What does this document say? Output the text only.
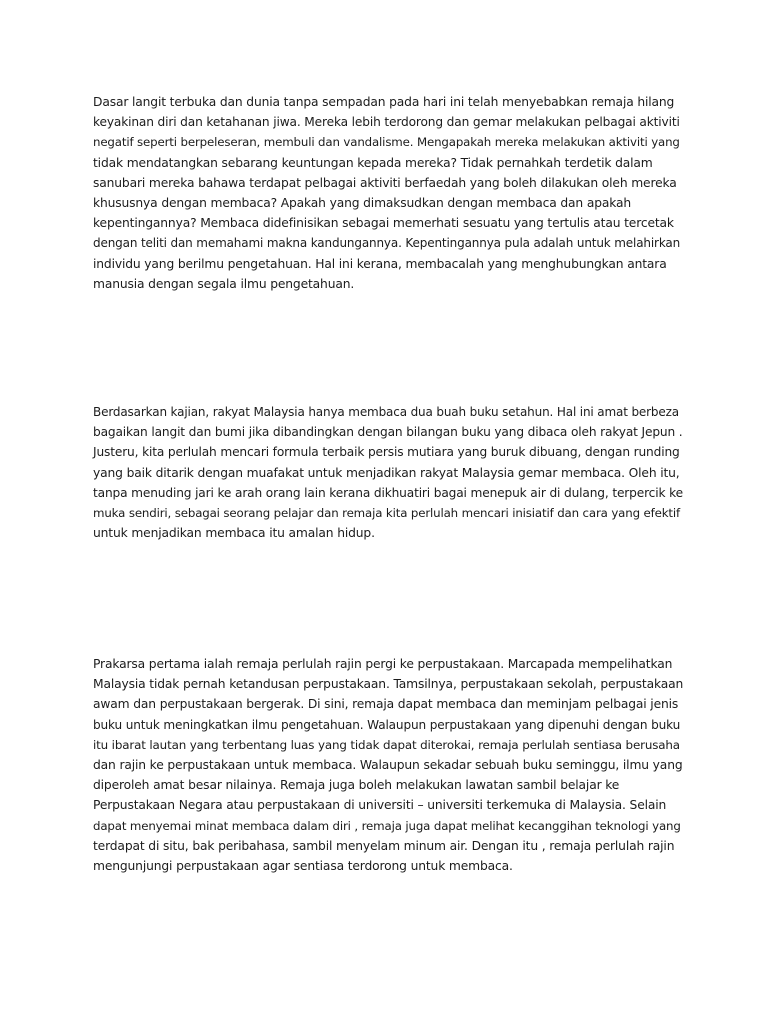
Dasar langit terbuka dan dunia tanpa sempadan pada hari ini telah menyebabkan remaja hilang
keyakinan diri dan ketahanan jiwa. Mereka lebih terdorong dan gemar melakukan pelbagai aktiviti
negatif seperti berpeleseran, membuli dan vandalisme. Mengapakah mereka melakukan aktiviti yang
tidak mendatangkan sebarang keuntungan kepada mereka? Tidak pernahkah terdetik dalam
sanubari mereka bahawa terdapat pelbagai aktiviti berfaedah yang boleh dilakukan oleh mereka
khususnya dengan membaca? Apakah yang dimaksudkan dengan membaca dan apakah
kepentingannya? Membaca didefinisikan sebagai memerhati sesuatu yang tertulis atau tercetak
dengan teliti dan memahami makna kandungannya. Kepentingannya pula adalah untuk melahirkan
individu yang berilmu pengetahuan. Hal ini kerana, membacalah yang menghubungkan antara
manusia dengan segala ilmu pengetahuan.

Berdasarkan kajian, rakyat Malaysia hanya membaca dua buah buku setahun. Hal ini amat berbeza
bagaikan langit dan bumi jika dibandingkan dengan bilangan buku yang dibaca oleh rakyat Jepun .
Justeru, kita perlulah mencari formula terbaik persis mutiara yang buruk dibuang, dengan runding
yang baik ditarik dengan muafakat untuk menjadikan rakyat Malaysia gemar membaca. Oleh itu,
tanpa menuding jari ke arah orang lain kerana dikhuatiri bagai menepuk air di dulang, terpercik ke
muka sendiri, sebagai seorang pelajar dan remaja kita perlulah mencari inisiatif dan cara yang efektif
untuk menjadikan membaca itu amalan hidup.

Prakarsa pertama ialah remaja perlulah rajin pergi ke perpustakaan. Marcapada mempelihatkan
Malaysia tidak pernah ketandusan perpustakaan. Tamsilnya, perpustakaan sekolah, perpustakaan
awam dan perpustakaan bergerak. Di sini, remaja dapat membaca dan meminjam pelbagai jenis
buku untuk meningkatkan ilmu pengetahuan. Walaupun perpustakaan yang dipenuhi dengan buku
itu ibarat lautan yang terbentang luas yang tidak dapat diterokai, remaja perlulah sentiasa berusaha
dan rajin ke perpustakaan untuk membaca. Walaupun sekadar sebuah buku seminggu, ilmu yang
diperoleh amat besar nilainya. Remaja juga boleh melakukan lawatan sambil belajar ke
Perpustakaan Negara atau perpustakaan di universiti – universiti terkemuka di Malaysia. Selain
dapat menyemai minat membaca dalam diri , remaja juga dapat melihat kecanggihan teknologi yang
terdapat di situ, bak peribahasa, sambil menyelam minum air. Dengan itu , remaja perlulah rajin
mengunjungi perpustakaan agar sentiasa terdorong untuk membaca.
